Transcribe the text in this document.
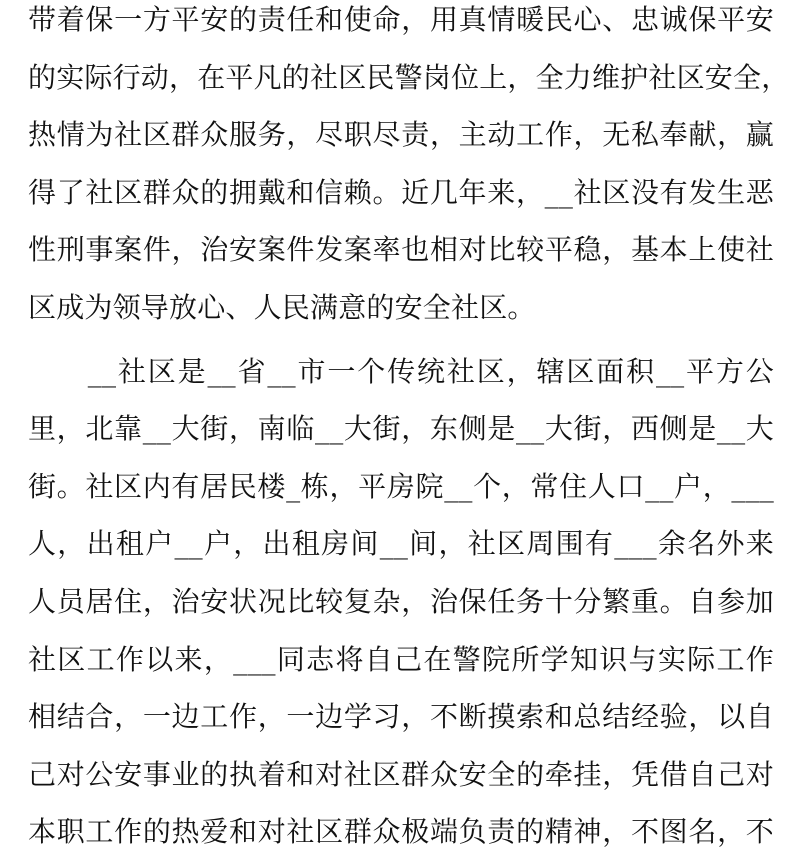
带着保一方平安的责任和使命，用真情暖民心、忠诚保平安
的实际行动，在平凡的社区民警岗位上，全力维护社区安全，
热情为社区群众服务，尽职尽责，主动工作，无私奉献，赢
得了社区群众的拥戴和信赖。近几年来，__社区没有发生恶
性刑事案件，治安案件发案率也相对比较平稳，基本上使社
区成为领导放心、人民满意的安全社区。
　　__社区是__省__市一个传统社区，辖区面积__平方公
里，北靠__大街，南临__大街，东侧是__大街，西侧是__大
街。社区内有居民楼_栋，平房院__个，常住人口__户，___
人，出租户__户，出租房间__间，社区周围有___余名外来
人员居住，治安状况比较复杂，治保任务十分繁重。自参加
社区工作以来，___同志将自己在警院所学知识与实际工作
相结合，一边工作，一边学习，不断摸索和总结经验，以自
己对公安事业的执着和对社区群众安全的牵挂，凭借自己对
本职工作的热爱和对社区群众极端负责的精神，不图名，不
